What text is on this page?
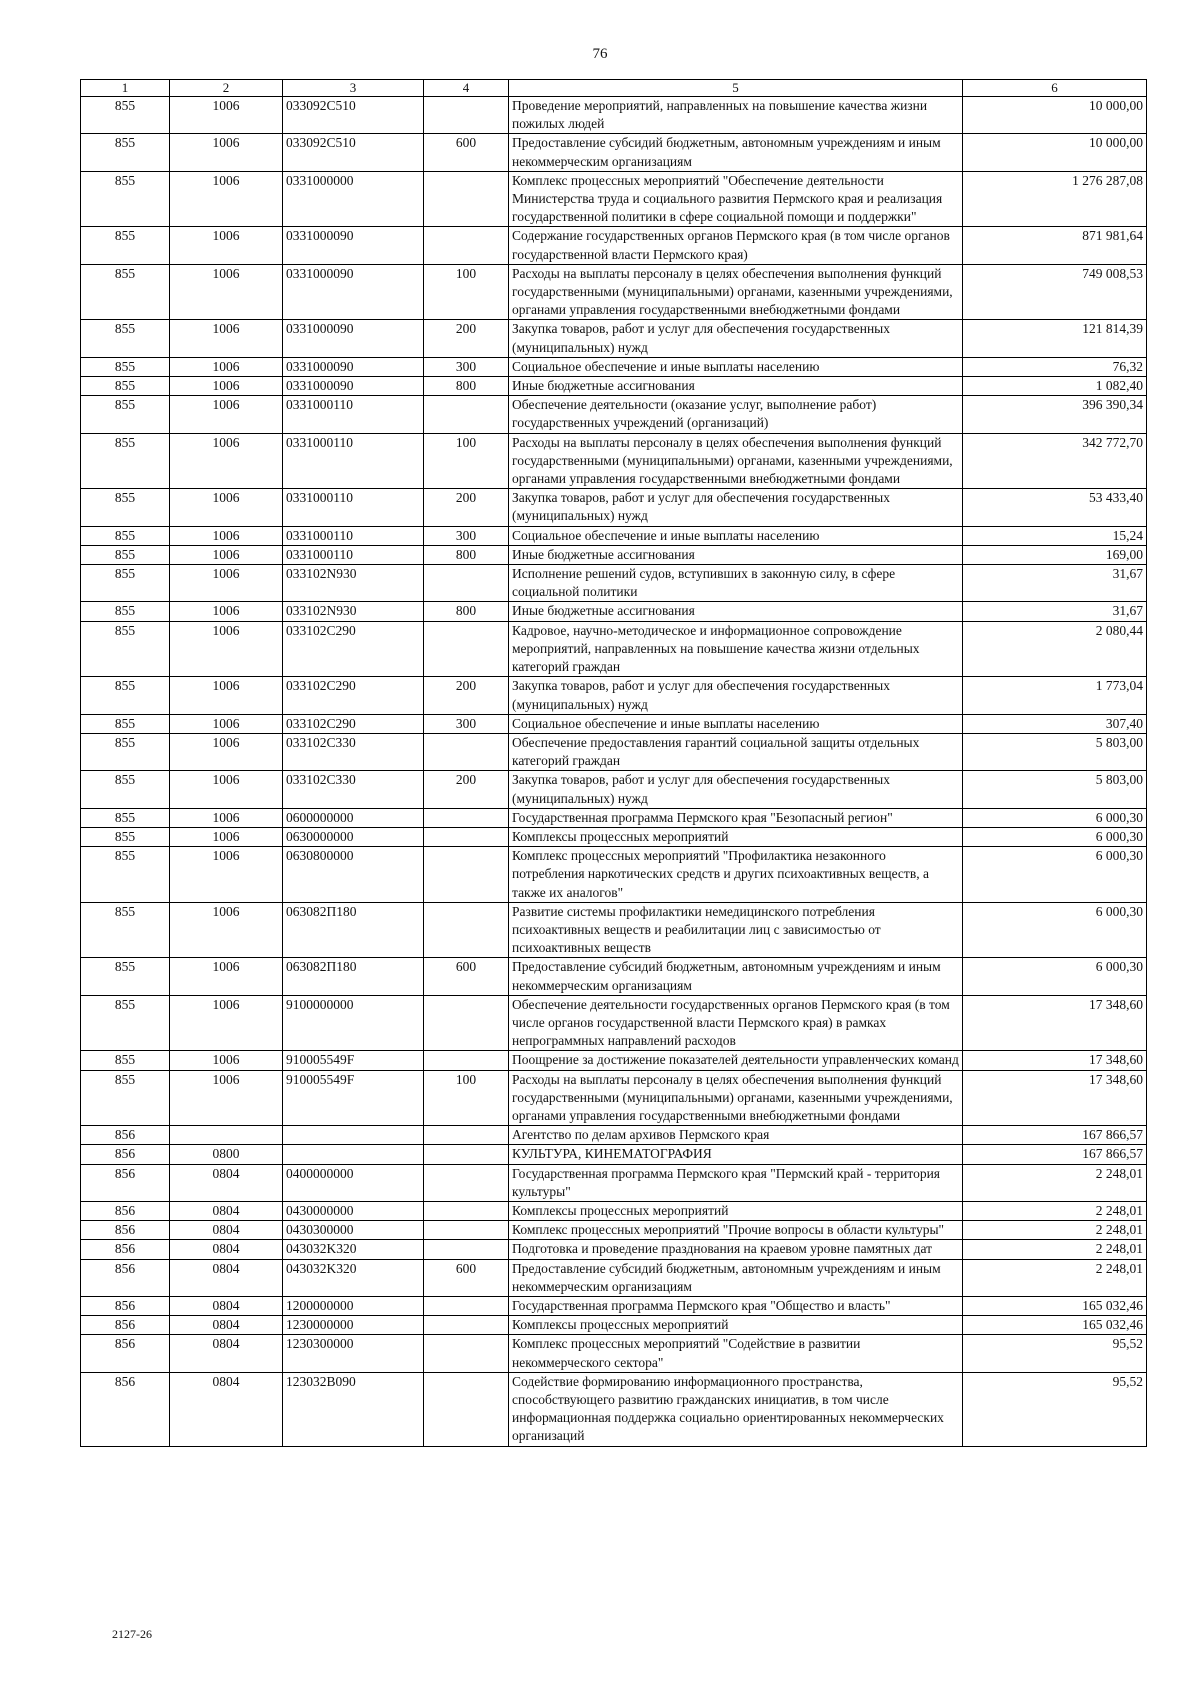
76
1	2	3	4	5	6
855	1006	033092C510		Проведение мероприятий, направленных на повышение качества жизни пожилых людей	10 000,00
855	1006	033092C510	600	Предоставление субсидий бюджетным, автономным учреждениям и иным некоммерческим организациям	10 000,00
855	1006	0331000000		Комплекс процессных мероприятий "Обеспечение деятельности Министерства труда и социального развития Пермского края и реализация государственной политики в сфере социальной помощи и поддержки"	1 276 287,08
855	1006	0331000090		Содержание государственных органов Пермского края (в том числе органов государственной власти Пермского края)	871 981,64
855	1006	0331000090	100	Расходы на выплаты персоналу в целях обеспечения выполнения функций государственными (муниципальными) органами, казенными учреждениями, органами управления государственными внебюджетными фондами	749 008,53
855	1006	0331000090	200	Закупка товаров, работ и услуг для обеспечения государственных (муниципальных) нужд	121 814,39
855	1006	0331000090	300	Социальное обеспечение и иные выплаты населению	76,32
855	1006	0331000090	800	Иные бюджетные ассигнования	1 082,40
855	1006	0331000110		Обеспечение деятельности (оказание услуг, выполнение работ) государственных учреждений (организаций)	396 390,34
855	1006	0331000110	100	Расходы на выплаты персоналу в целях обеспечения выполнения функций государственными (муниципальными) органами, казенными учреждениями, органами управления государственными внебюджетными фондами	342 772,70
855	1006	0331000110	200	Закупка товаров, работ и услуг для обеспечения государственных (муниципальных) нужд	53 433,40
855	1006	0331000110	300	Социальное обеспечение и иные выплаты населению	15,24
855	1006	0331000110	800	Иные бюджетные ассигнования	169,00
855	1006	033102N930		Исполнение решений судов, вступивших в законную силу, в сфере социальной политики	31,67
855	1006	033102N930	800	Иные бюджетные ассигнования	31,67
855	1006	033102C290		Кадровое, научно-методическое и информационное сопровождение мероприятий, направленных на повышение качества жизни отдельных категорий граждан	2 080,44
855	1006	033102C290	200	Закупка товаров, работ и услуг для обеспечения государственных (муниципальных) нужд	1 773,04
855	1006	033102C290	300	Социальное обеспечение и иные выплаты населению	307,40
855	1006	033102C330		Обеспечение предоставления гарантий социальной защиты отдельных категорий граждан	5 803,00
855	1006	033102C330	200	Закупка товаров, работ и услуг для обеспечения государственных (муниципальных) нужд	5 803,00
855	1006	0600000000		Государственная программа Пермского края "Безопасный регион"	6 000,30
855	1006	0630000000		Комплексы процессных мероприятий	6 000,30
855	1006	0630800000		Комплекс процессных мероприятий "Профилактика незаконного потребления наркотических средств и других психоактивных веществ, а также их аналогов"	6 000,30
855	1006	063082П180		Развитие системы профилактики немедицинского потребления психоактивных веществ и реабилитации лиц с зависимостью от психоактивных веществ	6 000,30
855	1006	063082П180	600	Предоставление субсидий бюджетным, автономным учреждениям и иным некоммерческим организациям	6 000,30
855	1006	9100000000		Обеспечение деятельности государственных органов Пермского края (в том числе органов государственной власти Пермского края) в рамках непрограммных направлений расходов	17 348,60
855	1006	910005549F		Поощрение за достижение показателей деятельности управленческих команд	17 348,60
855	1006	910005549F	100	Расходы на выплаты персоналу в целях обеспечения выполнения функций государственными (муниципальными) органами, казенными учреждениями, органами управления государственными внебюджетными фондами	17 348,60
856				Агентство по делам архивов Пермского края	167 866,57
856	0800			КУЛЬТУРА, КИНЕМАТОГРАФИЯ	167 866,57
856	0804	0400000000		Государственная программа Пермского края "Пермский край - территория культуры"	2 248,01
856	0804	0430000000		Комплексы процессных мероприятий	2 248,01
856	0804	0430300000		Комплекс процессных мероприятий "Прочие вопросы в области культуры"	2 248,01
856	0804	043032K320		Подготовка и проведение празднования на краевом уровне памятных дат	2 248,01
856	0804	043032K320	600	Предоставление субсидий бюджетным, автономным учреждениям и иным некоммерческим организациям	2 248,01
856	0804	1200000000		Государственная программа Пермского края "Общество и власть"	165 032,46
856	0804	1230000000		Комплексы процессных мероприятий	165 032,46
856	0804	1230300000		Комплекс процессных мероприятий "Содействие в развитии некоммерческого сектора"	95,52
856	0804	123032B090		Содействие формированию информационного пространства, способствующего развитию гражданских инициатив, в том числе информационная поддержка социально ориентированных некоммерческих организаций	95,52
2127-26
